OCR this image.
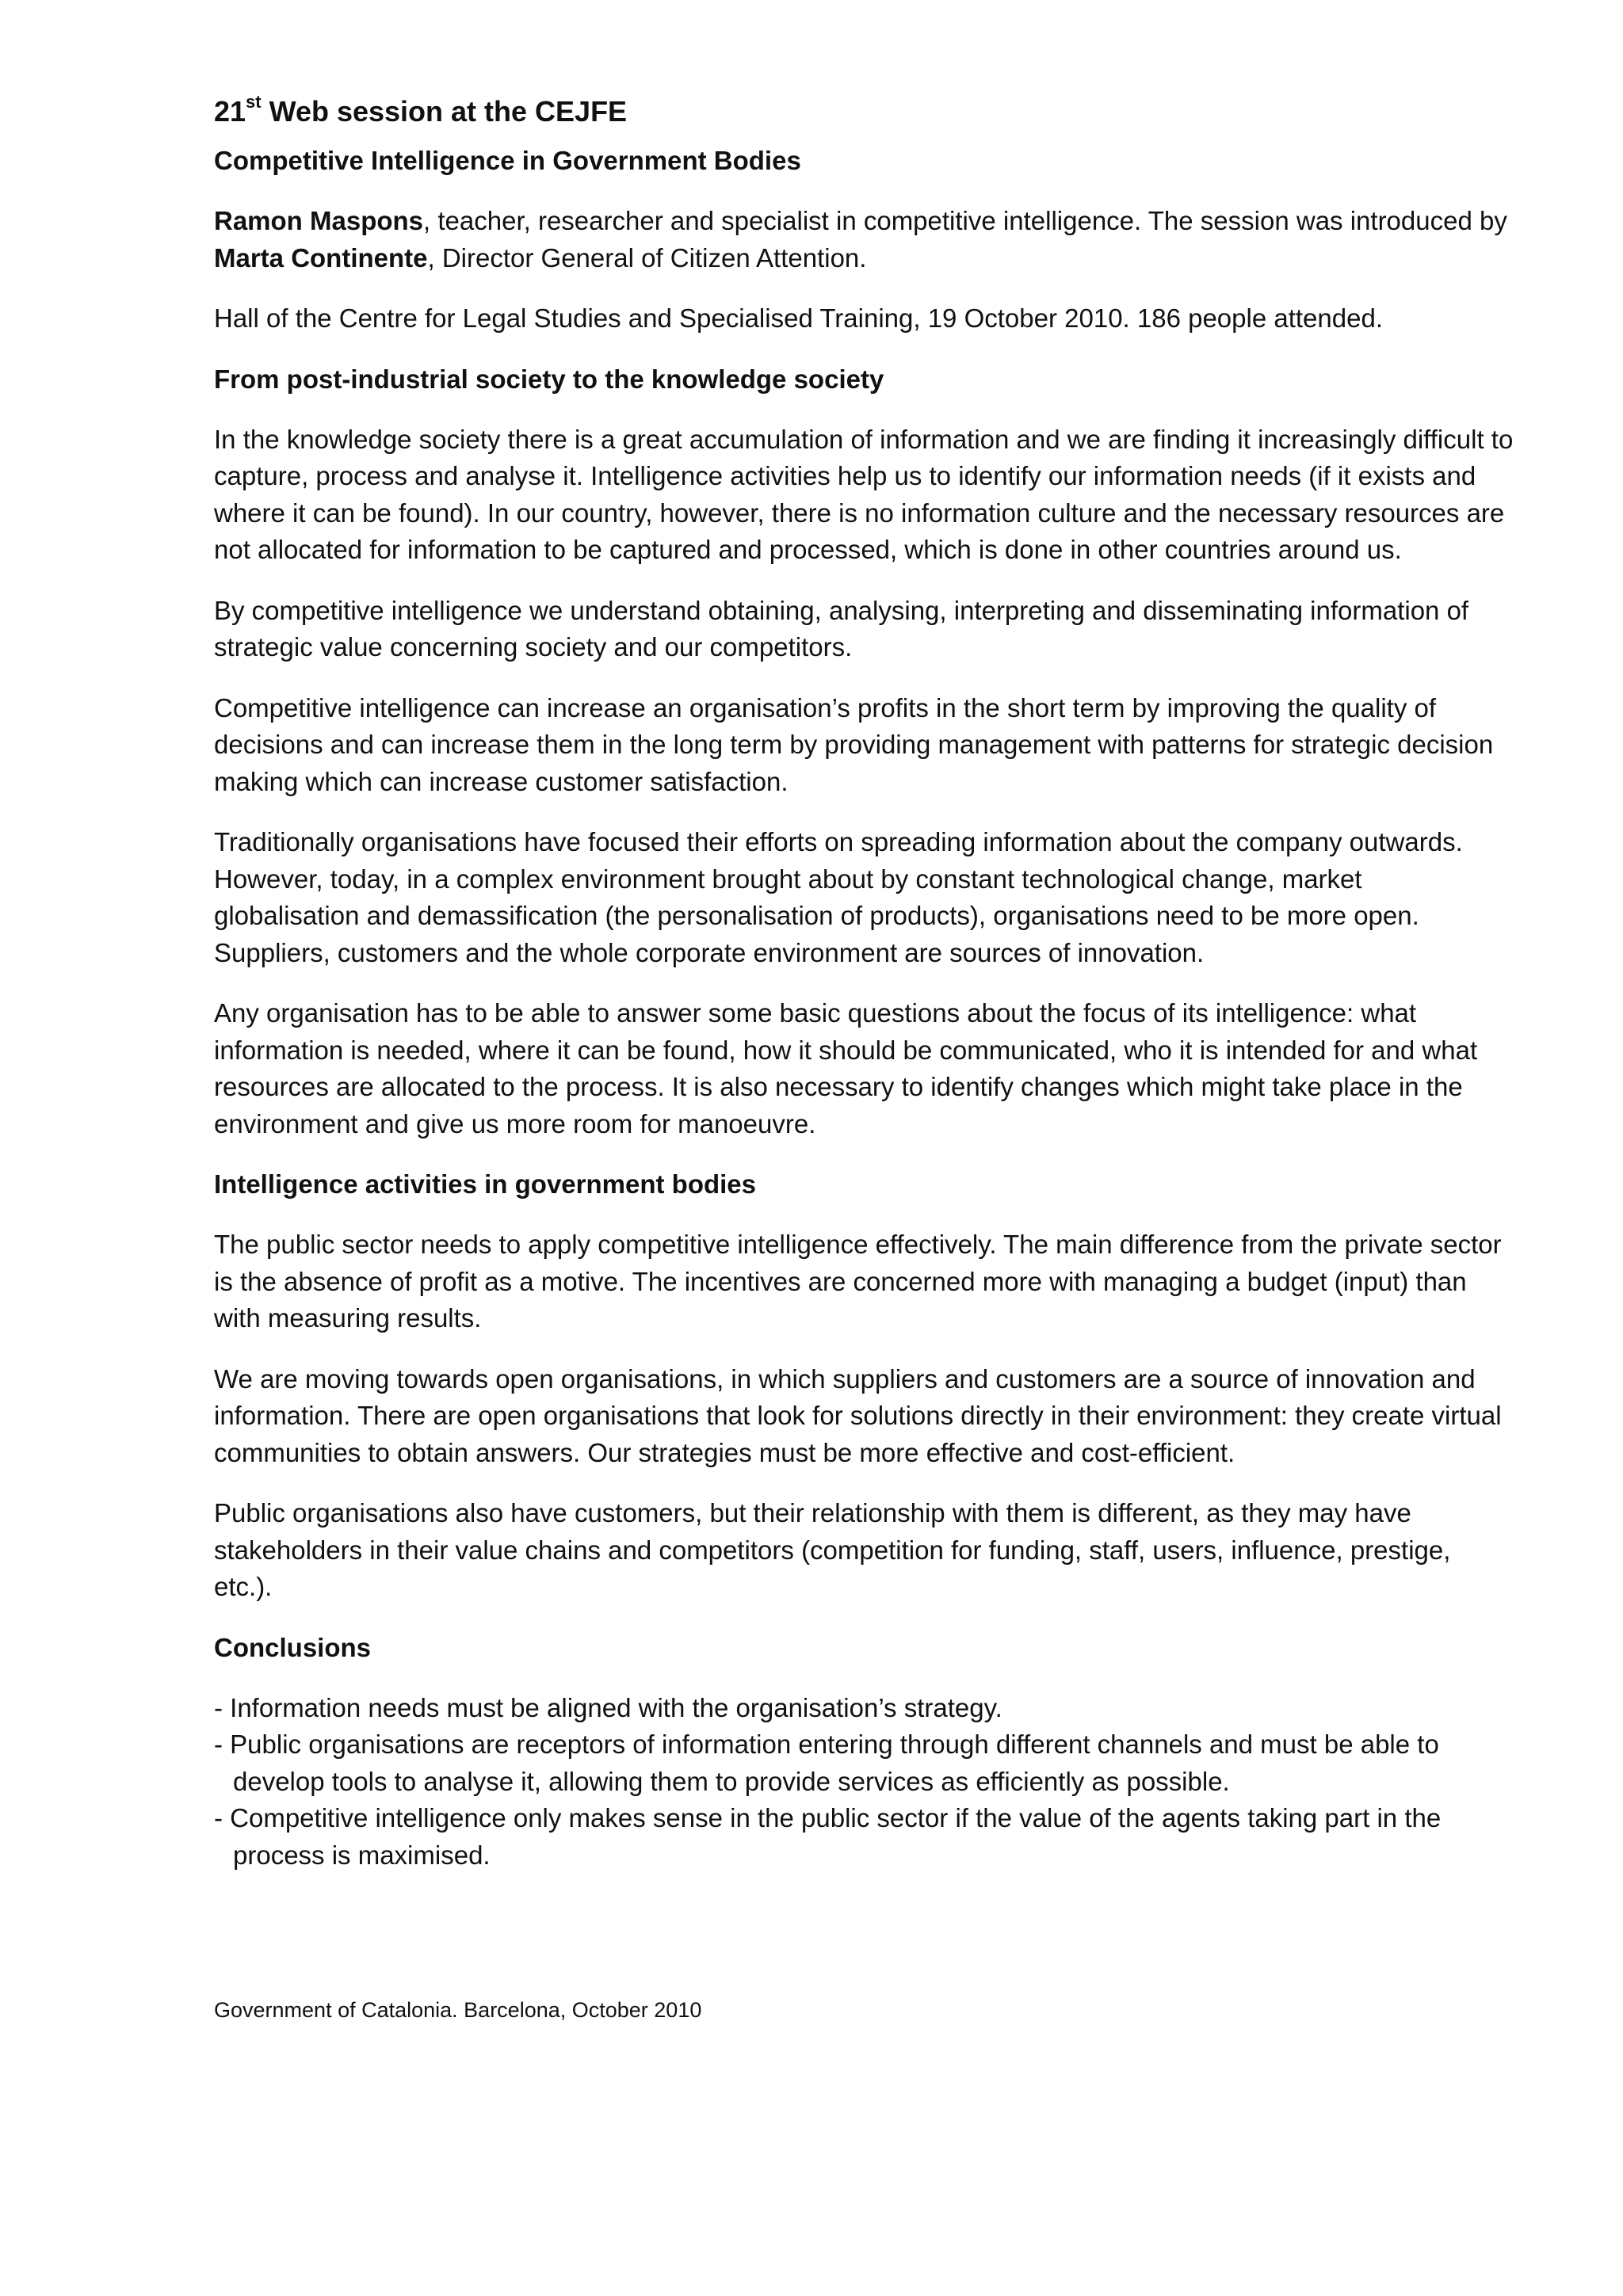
21st Web session at the CEJFE
Competitive Intelligence in Government Bodies

Ramon Maspons, teacher, researcher and specialist in competitive intelligence. The session was introduced by Marta Continente, Director General of Citizen Attention.

Hall of the Centre for Legal Studies and Specialised Training, 19 October 2010. 186 people attended.

From post-industrial society to the knowledge society

In the knowledge society there is a great accumulation of information and we are finding it increasingly difficult to capture, process and analyse it. Intelligence activities help us to identify our information needs (if it exists and where it can be found). In our country, however, there is no information culture and the necessary resources are not allocated for information to be captured and processed, which is done in other countries around us.

By competitive intelligence we understand obtaining, analysing, interpreting and disseminating information of strategic value concerning society and our competitors.

Competitive intelligence can increase an organisation’s profits in the short term by improving the quality of decisions and can increase them in the long term by providing management with patterns for strategic decision making which can increase customer satisfaction.

Traditionally organisations have focused their efforts on spreading information about the company outwards. However, today, in a complex environment brought about by constant technological change, market globalisation and demassification (the personalisation of products), organisations need to be more open. Suppliers, customers and the whole corporate environment are sources of innovation.

Any organisation has to be able to answer some basic questions about the focus of its intelligence: what information is needed, where it can be found, how it should be communicated, who it is intended for and what resources are allocated to the process. It is also necessary to identify changes which might take place in the environment and give us more room for manoeuvre.

Intelligence activities in government bodies

The public sector needs to apply competitive intelligence effectively. The main difference from the private sector is the absence of profit as a motive. The incentives are concerned more with managing a budget (input) than with measuring results.

We are moving towards open organisations, in which suppliers and customers are a source of innovation and information. There are open organisations that look for solutions directly in their environment: they create virtual communities to obtain answers. Our strategies must be more effective and cost-efficient.

Public organisations also have customers, but their relationship with them is different, as they may have stakeholders in their value chains and competitors (competition for funding, staff, users, influence, prestige, etc.).

Conclusions
- Information needs must be aligned with the organisation’s strategy.
- Public organisations are receptors of information entering through different channels and must be able to develop tools to analyse it, allowing them to provide services as efficiently as possible.
- Competitive intelligence only makes sense in the public sector if the value of the agents taking part in the process is maximised.
Government of Catalonia. Barcelona, October 2010
